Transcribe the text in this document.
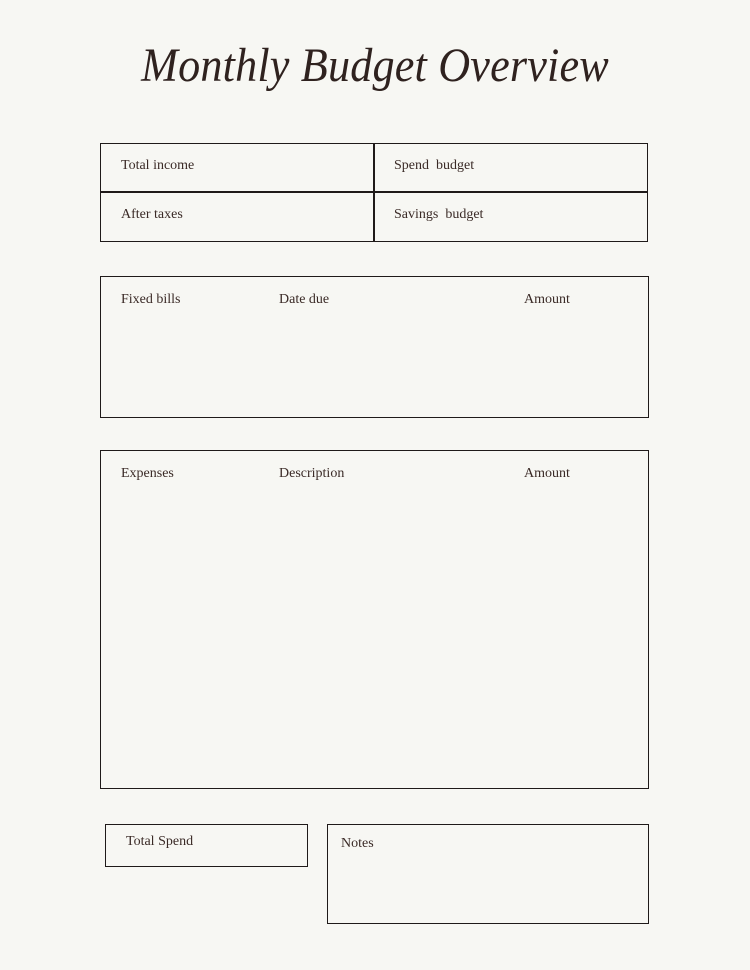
Monthly Budget Overview
Total income	Spend  budget
After taxes	Savings  budget
Fixed bills	Date due	Amount
Expenses	Description	Amount
Total Spend	Notes
